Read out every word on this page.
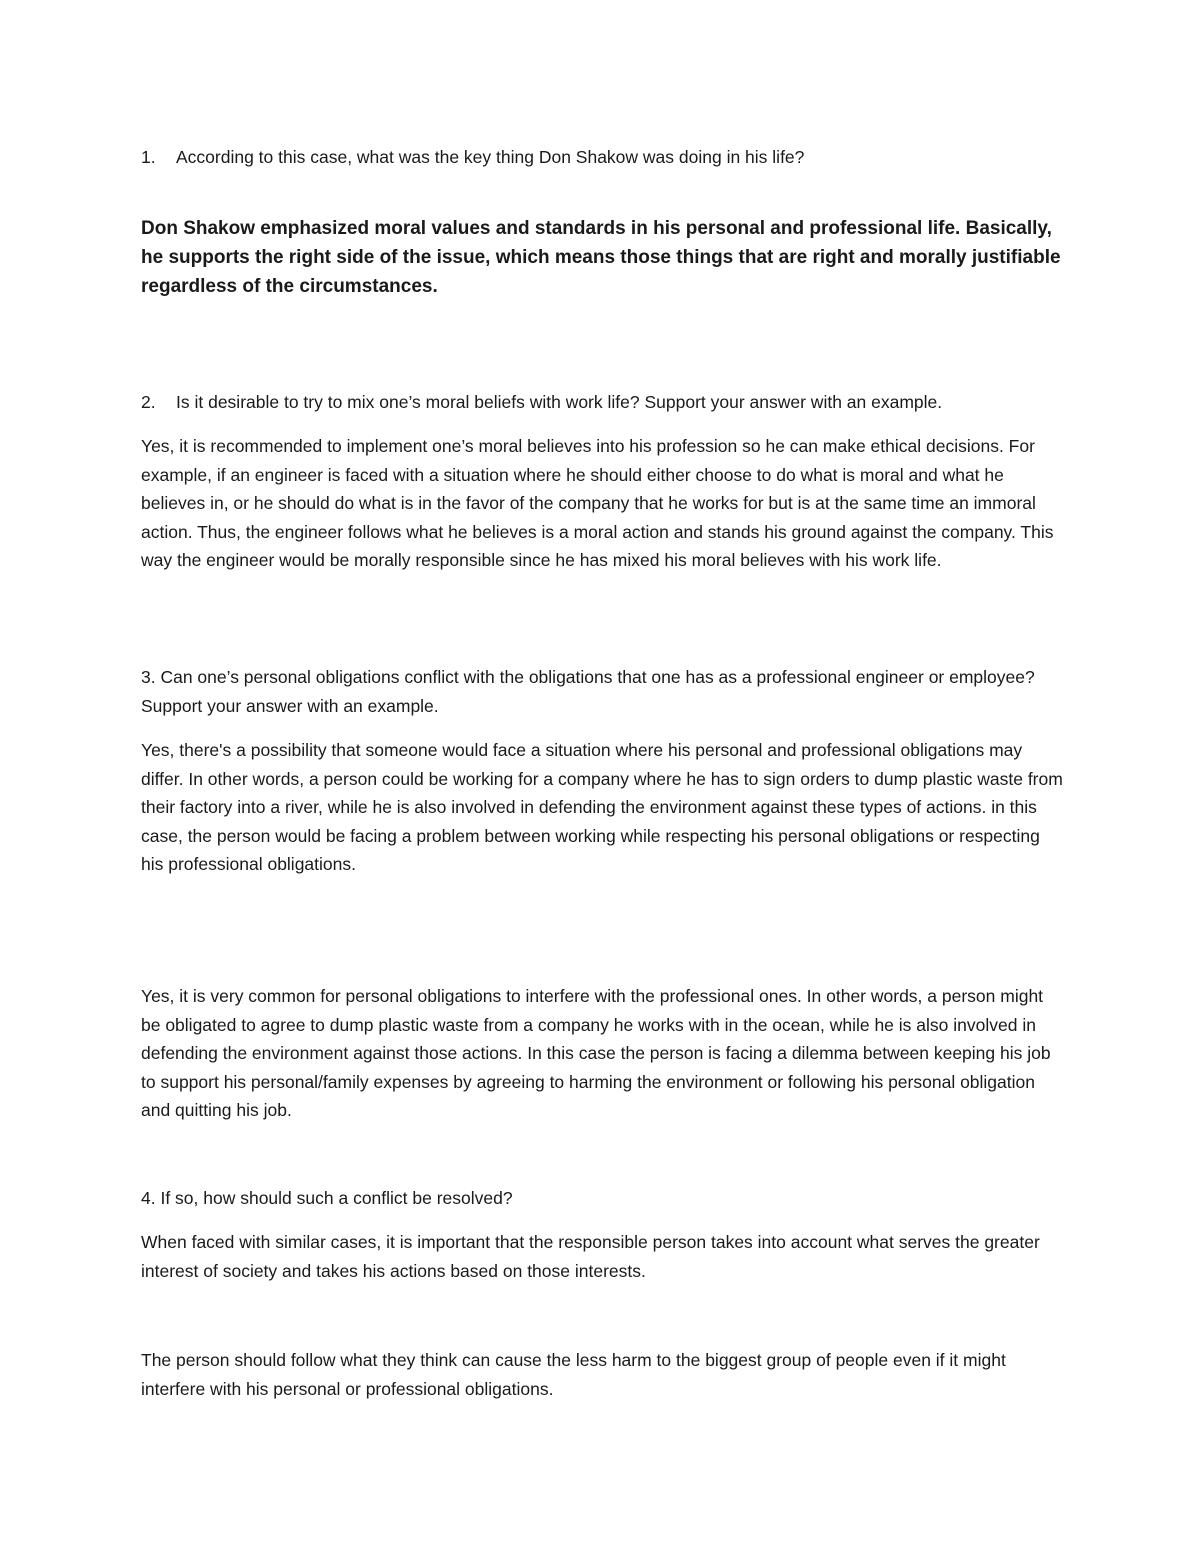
1. According to this case, what was the key thing Don Shakow was doing in his life?

Don Shakow emphasized moral values and standards in his personal and professional life. Basically, he supports the right side of the issue, which means those things that are right and morally justifiable regardless of the circumstances.

2. Is it desirable to try to mix one’s moral beliefs with work life? Support your answer with an example.

Yes, it is recommended to implement one’s moral believes into his profession so he can make ethical decisions. For example, if an engineer is faced with a situation where he should either choose to do what is moral and what he believes in, or he should do what is in the favor of the company that he works for but is at the same time an immoral action. Thus, the engineer follows what he believes is a moral action and stands his ground against the company. This way the engineer would be morally responsible since he has mixed his moral believes with his work life.

3. Can one’s personal obligations conflict with the obligations that one has as a professional engineer or employee? Support your answer with an example.

Yes, there's a possibility that someone would face a situation where his personal and professional obligations may differ. In other words, a person could be working for a company where he has to sign orders to dump plastic waste from their factory into a river, while he is also involved in defending the environment against these types of actions. in this case, the person would be facing a problem between working while respecting his personal obligations or respecting his professional obligations.

Yes, it is very common for personal obligations to interfere with the professional ones. In other words, a person might be obligated to agree to dump plastic waste from a company he works with in the ocean, while he is also involved in defending the environment against those actions. In this case the person is facing a dilemma between keeping his job to support his personal/family expenses by agreeing to harming the environment or following his personal obligation and quitting his job.

4. If so, how should such a conflict be resolved?

When faced with similar cases, it is important that the responsible person takes into account what serves the greater interest of society and takes his actions based on those interests.

The person should follow what they think can cause the less harm to the biggest group of people even if it might interfere with his personal or professional obligations.
